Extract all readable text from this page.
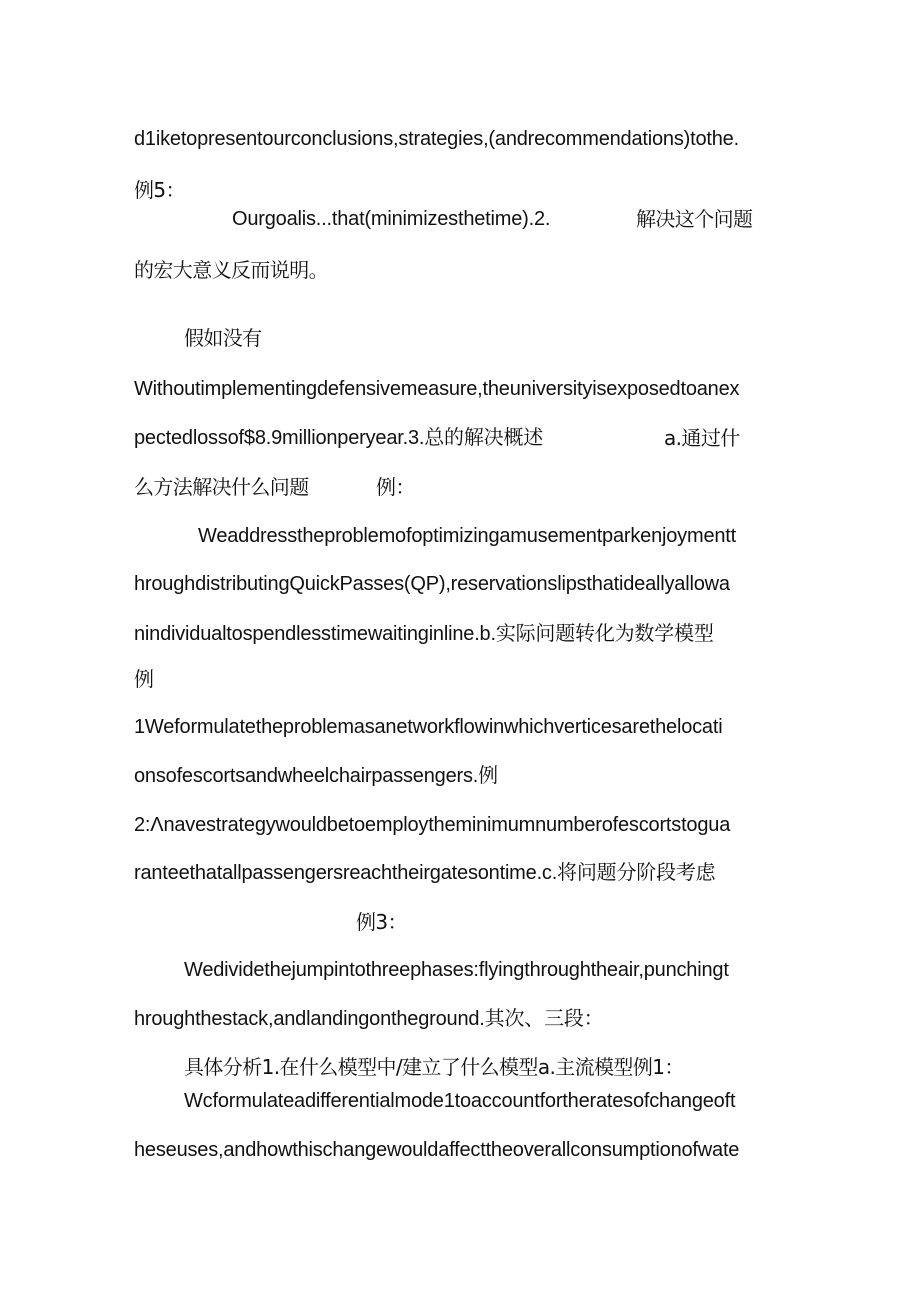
d1iketopresentourconclusions,strategies,(andrecommendations)tothe.
例5：
Ourgoalis...that(minimizesthetime).2.	解决这个问题
的宏大意义反而说明。
假如没有
Withoutimplementingdefensivemeasure,theuniversityisexposedtoanex
pectedlossof$8.9millionperyear.3.总的解决概述	a.通过什
么方法解决什么问题	例：
Weaddresstheproblemofoptimizingamusementparkenjoymentt
hroughdistributingQuickPasses(QP),reservationslipsthatideallyallowa
nindividualtospendlesstimewaitinginline.b.实际问题转化为数学模型
例
1Weformulatetheproblemasanetworkflowinwhichverticesarethelocati
onsofescortsandwheelchairpassengers.例
2:Λnavestrategywouldbetoemploytheminimumnumberofescortstogua
ranteethatallpassengersreachtheirgatesontime.c.将问题分阶段考虑
例3：
Wedividethejumpintothreephases:flyingthroughtheair,punchingt
hroughthestack,andlandingontheground.其次、三段：
具体分析1.在什么模型中/建立了什么模型a.主流模型例1：
Wcformulateadifferentialmode1toaccountfortheratesofchangeoft
heseuses,andhowthischangewouldaffecttheoverallconsumptionofwate
